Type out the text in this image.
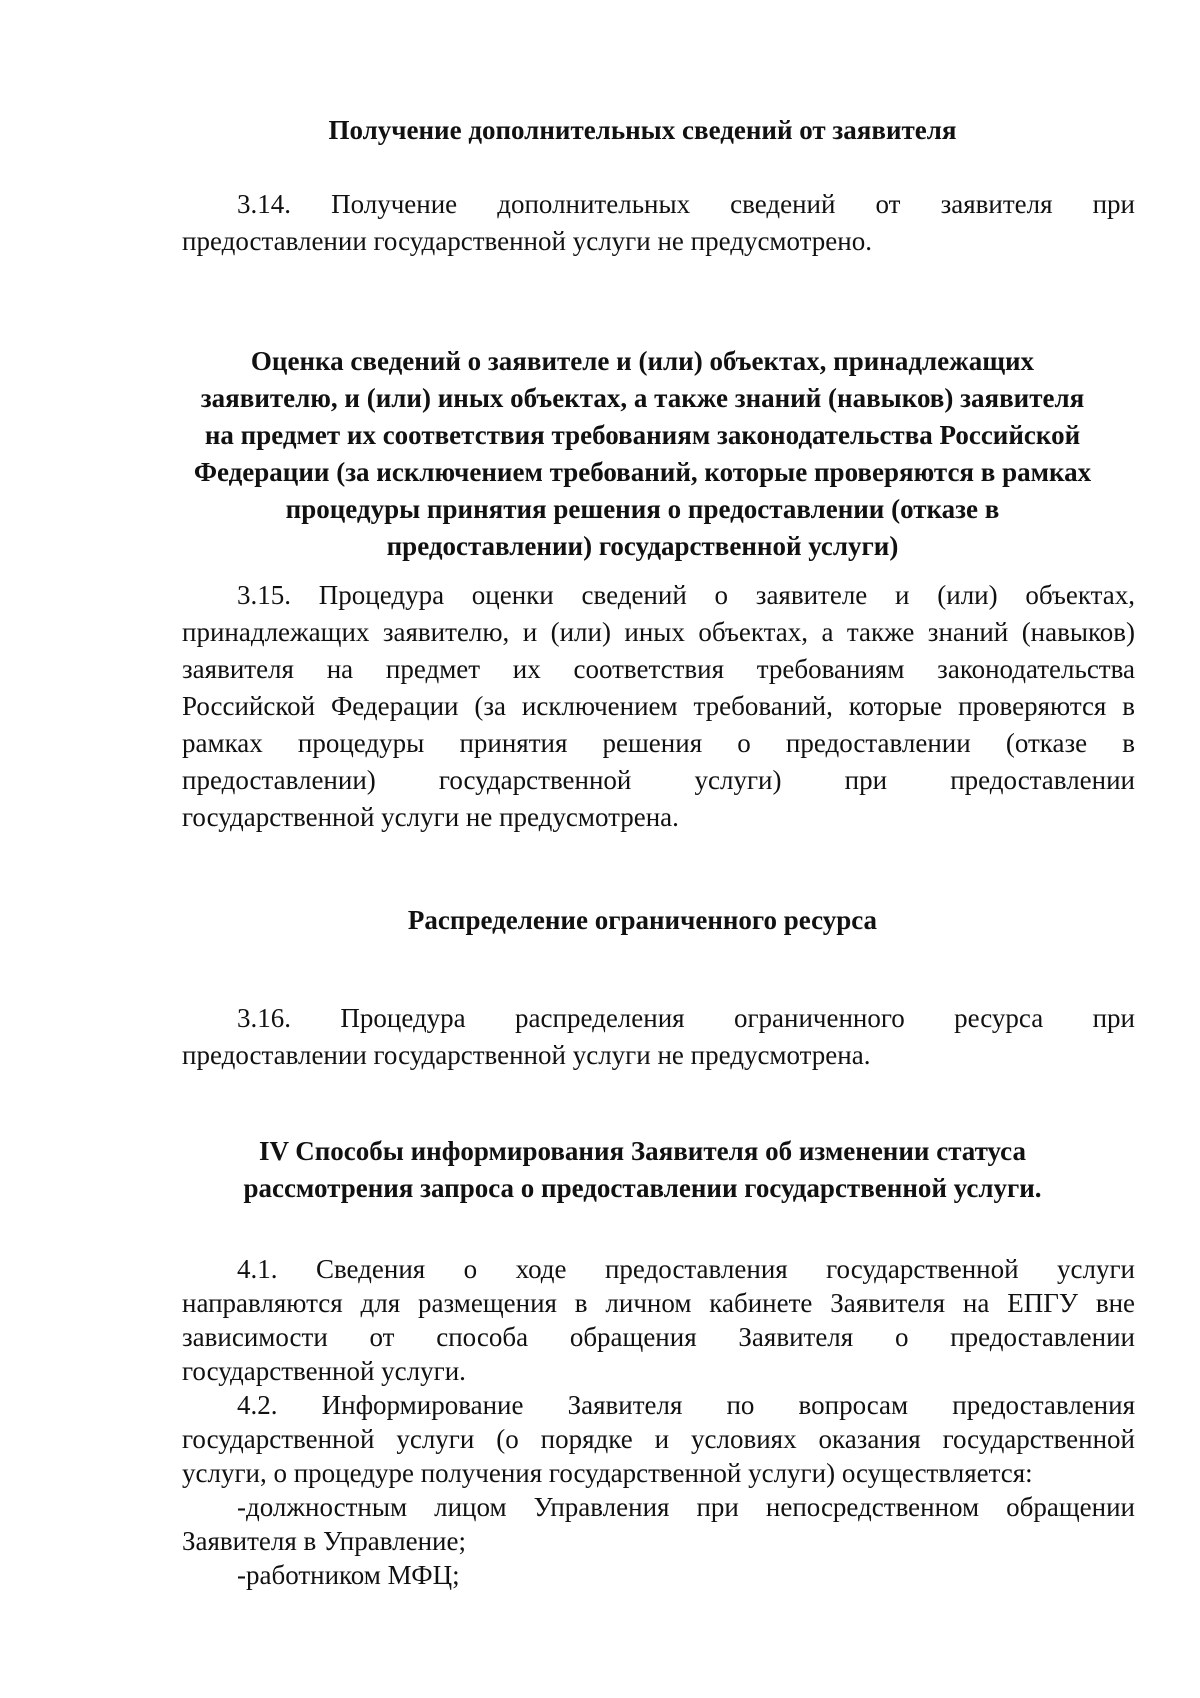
Получение дополнительных сведений от заявителя
3.14. Получение дополнительных сведений от заявителя при
предоставлении государственной услуги не предусмотрено.
Оценка сведений о заявителе и (или) объектах, принадлежащих
заявителю, и (или) иных объектах, а также знаний (навыков) заявителя
на предмет их соответствия требованиям законодательства Российской
Федерации (за исключением требований, которые проверяются в рамках
процедуры принятия решения о предоставлении (отказе в
предоставлении) государственной услуги)
3.15. Процедура оценки сведений о заявителе и (или) объектах,
принадлежащих заявителю, и (или) иных объектах, а также знаний (навыков)
заявителя на предмет их соответствия требованиям законодательства
Российской Федерации (за исключением требований, которые проверяются в
рамках процедуры принятия решения о предоставлении (отказе в
предоставлении) государственной услуги) при предоставлении
государственной услуги не предусмотрена.
Распределение ограниченного ресурса
3.16. Процедура распределения ограниченного ресурса при
предоставлении государственной услуги не предусмотрена.
IV Способы информирования Заявителя об изменении статуса
рассмотрения запроса о предоставлении государственной услуги.
4.1. Сведения о ходе предоставления государственной услуги
направляются для размещения в личном кабинете Заявителя на ЕПГУ вне
зависимости от способа обращения Заявителя о предоставлении
государственной услуги.
4.2. Информирование Заявителя по вопросам предоставления
государственной услуги (о порядке и условиях оказания государственной
услуги, о процедуре получения государственной услуги) осуществляется:
-должностным лицом Управления при непосредственном обращении
Заявителя в Управление;
-работником МФЦ;
